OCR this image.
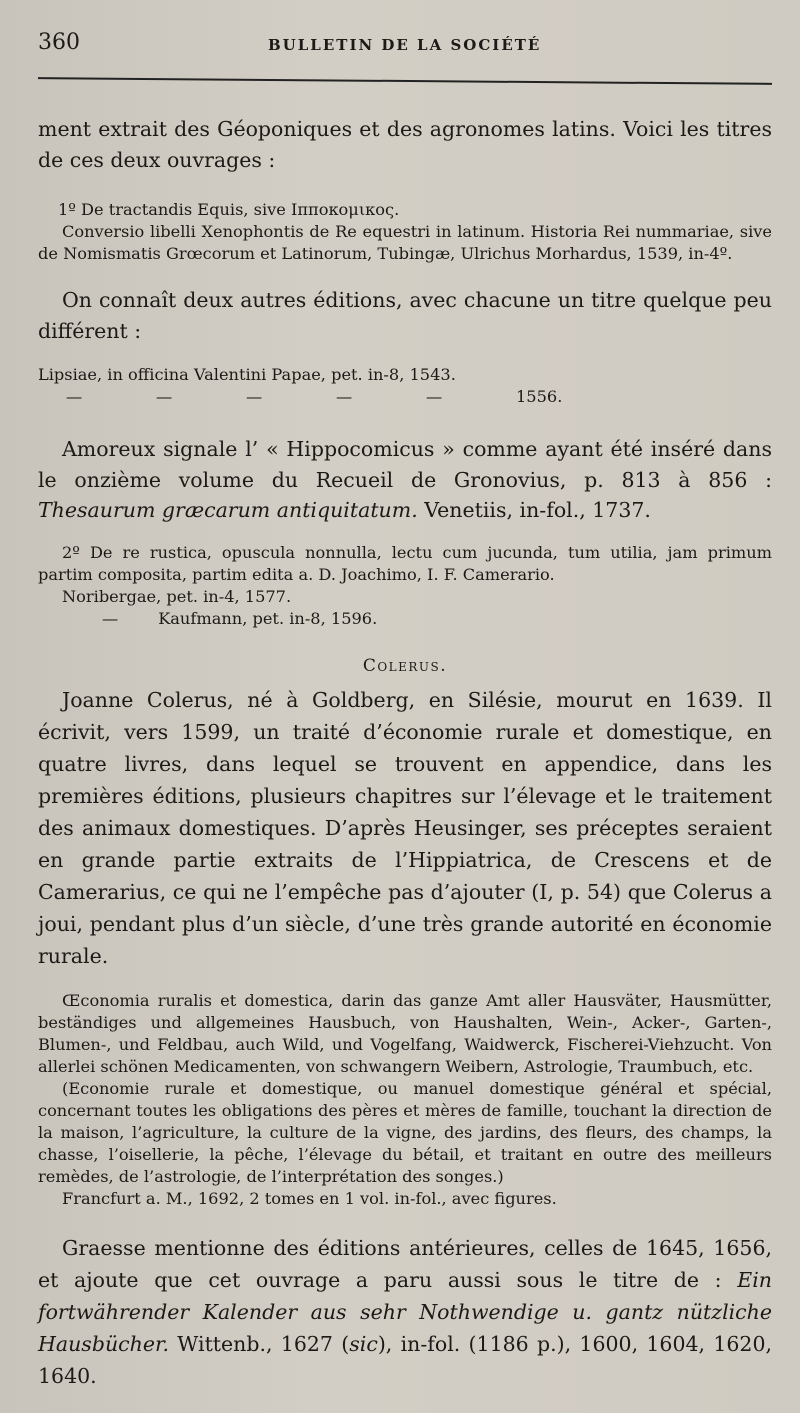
360	BULLETIN DE LA SOCIÉTÉ

ment extrait des Géoponiques et des agronomes latins. Voici les titres de ces deux ouvrages :

1º De tractandis Equis, sive Ιπποκομικος.

Conversio libelli Xenophontis de Re equestri in latinum. Historia Rei nummariae, sive de Nomismatis Grœcorum et Latinorum, Tubingæ, Ulrichus Morhardus, 1539, in-4º.

On connaît deux autres éditions, avec chacune un titre quelque peu différent :

Lipsiae, in officina Valentini Papae, pet. in-8, 1543.

—	—	—	—	—	1556.

Amoreux signale l’ « Hippocomicus » comme ayant été inséré dans le onzième volume du Recueil de Gronovius, p. 813 à 856 : Thesaurum græcarum antiquitatum. Venetiis, in-fol., 1737.

2º De re rustica, opuscula nonnulla, lectu cum jucunda, tum utilia, jam primum partim composita, partim edita a. D. Joachimo, I. F. Camerario.

Noribergae, pet. in-4, 1577.

— Kaufmann, pet. in-8, 1596.

Colerus.

Joanne Colerus, né à Goldberg, en Silésie, mourut en 1639. Il écrivit, vers 1599, un traité d’économie rurale et domestique, en quatre livres, dans lequel se trouvent en appendice, dans les premières éditions, plusieurs chapitres sur l’élevage et le traitement des animaux domestiques. D’après Heusinger, ses préceptes seraient en grande partie extraits de l’Hippiatrica, de Crescens et de Camerarius, ce qui ne l’empêche pas d’ajouter (I, p. 54) que Colerus a joui, pendant plus d’un siècle, d’une très grande autorité en économie rurale.

Œconomia ruralis et domestica, darin das ganze Amt aller Hausväter, Hausmütter, beständiges und allgemeines Hausbuch, von Haushalten, Wein-, Acker-, Garten-, Blumen-, und Feldbau, auch Wild, und Vogelfang, Waidwerck, Fischerei-Viehzucht. Von allerlei schönen Medicamenten, von schwangern Weibern, Astrologie, Traumbuch, etc.

(Economie rurale et domestique, ou manuel domestique général et spécial, concernant toutes les obligations des pères et mères de famille, touchant la direction de la maison, l’agriculture, la culture de la vigne, des jardins, des fleurs, des champs, la chasse, l’oisellerie, la pêche, l’élevage du bétail, et traitant en outre des meilleurs remèdes, de l’astrologie, de l’interprétation des songes.)

Francfurt a. M., 1692, 2 tomes en 1 vol. in-fol., avec figures.

Graesse mentionne des éditions antérieures, celles de 1645, 1656, et ajoute que cet ouvrage a paru aussi sous le titre de : Ein fortwährender Kalender aus sehr Nothwendige u. gantz nützliche Hausbücher. Wittenb., 1627 (sic), in-fol. (1186 p.), 1600, 1604, 1620, 1640.
